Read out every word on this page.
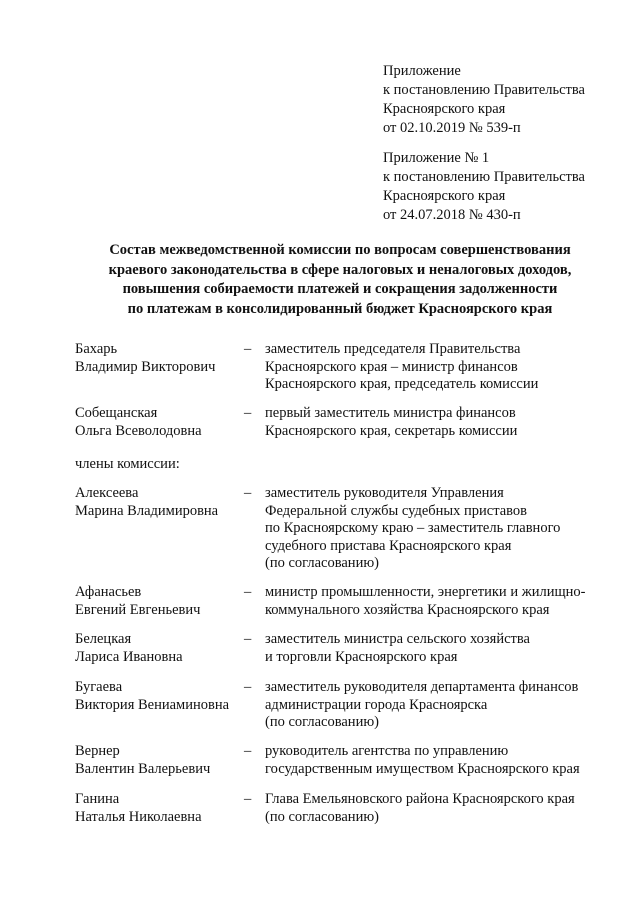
Приложение
к постановлению Правительства
Красноярского края
от 02.10.2019 № 539-п
Приложение № 1
к постановлению Правительства
Красноярского края
от 24.07.2018 № 430-п
Состав межведомственной комиссии по вопросам совершенствования
краевого законодательства в сфере налоговых и неналоговых доходов,
повышения собираемости платежей и сокращения задолженности
по платежам в консолидированный бюджет Красноярского края
Бахарь
Владимир Викторович
– заместитель председателя Правительства
Красноярского края – министр финансов
Красноярского края, председатель комиссии
Собещанская
Ольга Всеволодовна
– первый заместитель министра финансов
Красноярского края, секретарь комиссии
члены комиссии:
Алексеева
Марина Владимировна
– заместитель руководителя Управления
Федеральной службы судебных приставов
по Красноярскому краю – заместитель главного
судебного пристава Красноярского края
(по согласованию)
Афанасьев
Евгений Евгеньевич
– министр промышленности, энергетики и жилищно-
коммунального хозяйства Красноярского края
Белецкая
Лариса Ивановна
– заместитель министра сельского хозяйства
и торговли Красноярского края
Бугаева
Виктория Вениаминовна
– заместитель руководителя департамента финансов
администрации города Красноярска
(по согласованию)
Вернер
Валентин Валерьевич
– руководитель агентства по управлению
государственным имуществом Красноярского края
Ганина
Наталья Николаевна
– Глава Емельяновского района Красноярского края
(по согласованию)
